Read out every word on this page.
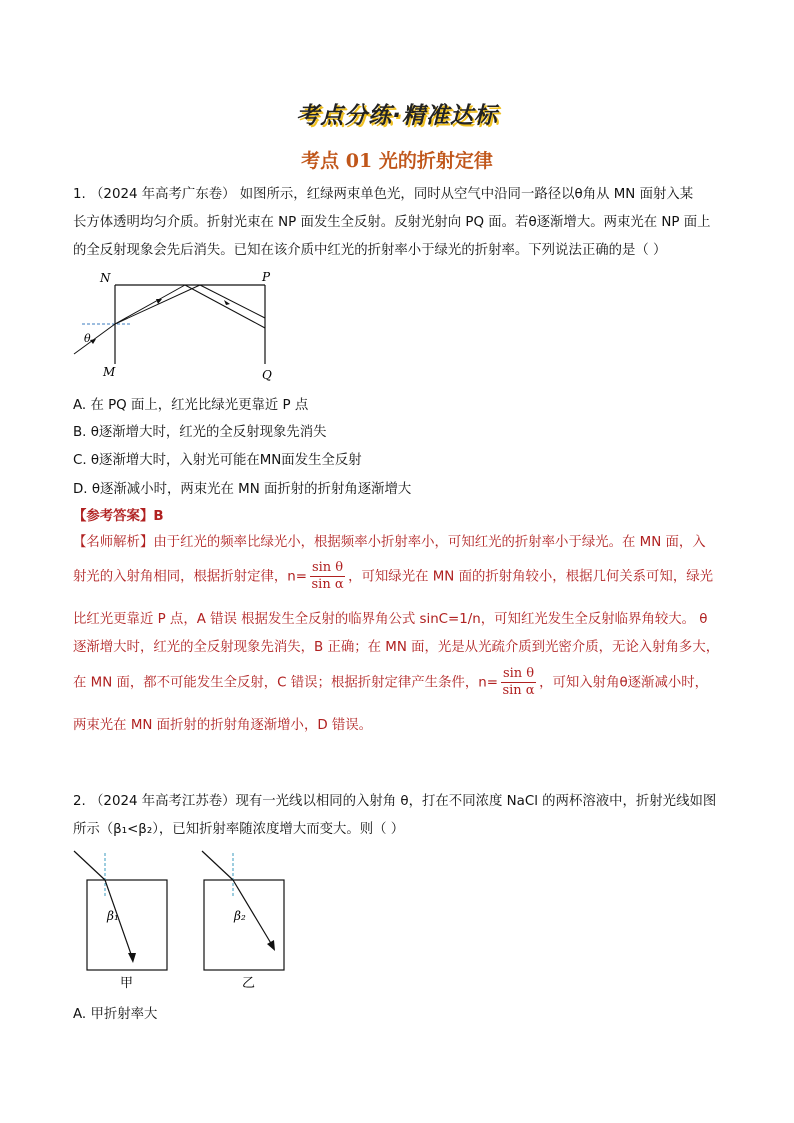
考点分练·精准达标
考点 01 光的折射定律
1. （2024 年高考广东卷） 如图所示，红绿两束单色光，同时从空气中沿同一路径以θ角从 MN 面射入某
长方体透明均匀介质。折射光束在 NP 面发生全反射。反射光射向 PQ 面。若θ逐渐增大。两束光在 NP 面上
的全反射现象会先后消失。已知在该介质中红光的折射率小于绿光的折射率。下列说法正确的是（ ）
N	P
M	Q
θ
A. 在 PQ 面上，红光比绿光更靠近 P 点
B. θ逐渐增大时，红光的全反射现象先消失
C. θ逐渐增大时，入射光可能在MN面发生全反射
D. θ逐渐减小时，两束光在 MN 面折射的折射角逐渐增大
【参考答案】B
【名师解析】由于红光的频率比绿光小，根据频率小折射率小，可知红光的折射率小于绿光。在 MN 面，入
射光的入射角相同，根据折射定律，$n= \frac{\text{sin θ}}{\text{sin α}}$ ，可知绿光在 MN 面的折射角较小，根据几何关系可知，绿光
比红光更靠近 P 点，A 错误 根据发生全反射的临界角公式 sinC=1/n，可知红光发生全反射临界角较大。 θ
逐渐增大时，红光的全反射现象先消失，B 正确；在 MN 面，光是从光疏介质到光密介质，无论入射角多大，
在 MN 面，都不可能发生全反射，C 错误；根据折射定律产生条件，$n= \frac{\text{sin θ}}{\text{sin α}}$ ，可知入射角θ逐渐减小时，
两束光在 MN 面折射的折射角逐渐增小，D 错误。
2. （2024 年高考江苏卷）现有一光线以相同的入射角 θ，打在不同浓度 NaCl 的两杯溶液中，折射光线如图
所示（β₁<β₂），已知折射率随浓度增大而变大。则（ ）
β₁
甲
β₂
乙
A. 甲折射率大
